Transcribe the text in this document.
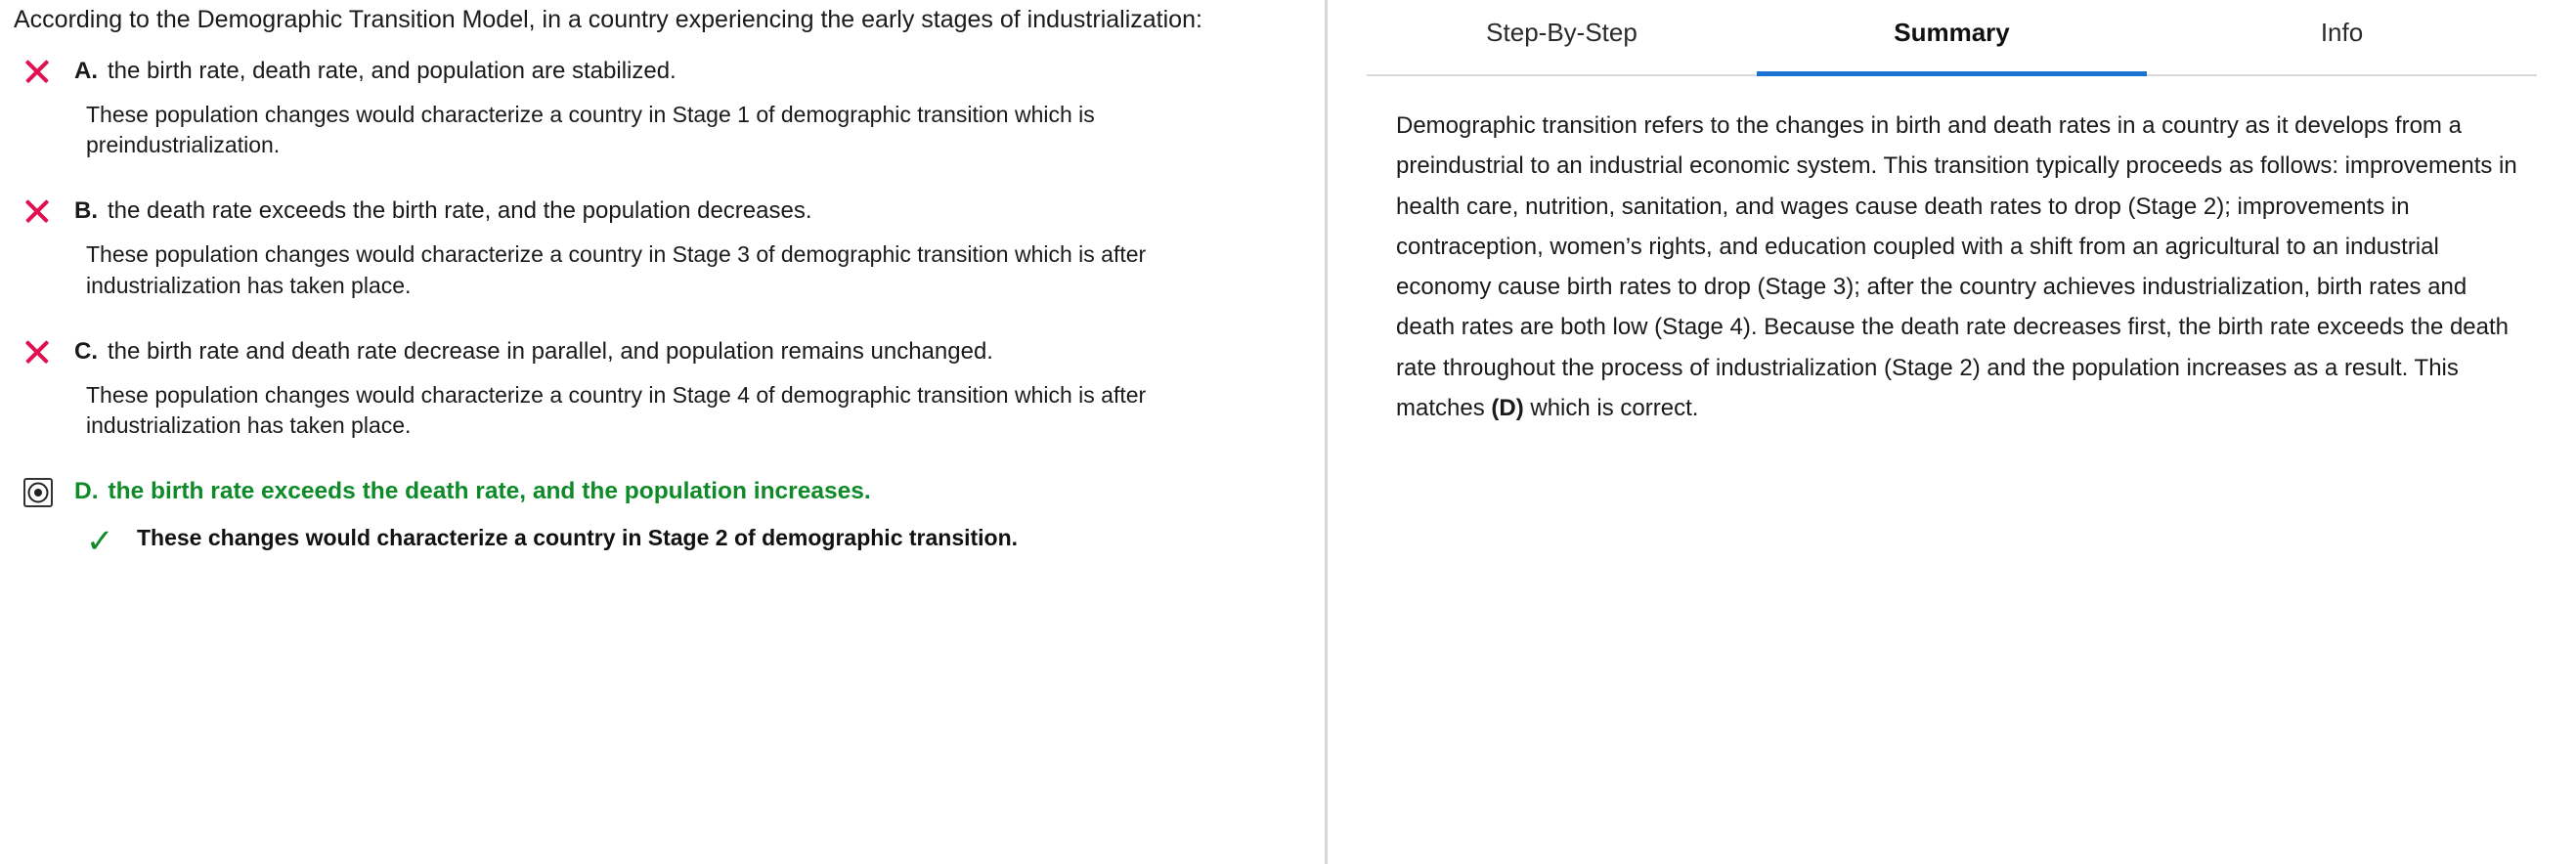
According to the Demographic Transition Model, in a country experiencing the early stages of industrialization:

A. the birth rate, death rate, and population are stabilized.
These population changes would characterize a country in Stage 1 of demographic transition which is preindustrialization.
B. the death rate exceeds the birth rate, and the population decreases.
These population changes would characterize a country in Stage 3 of demographic transition which is after industrialization has taken place.
C. the birth rate and death rate decrease in parallel, and population remains unchanged.
These population changes would characterize a country in Stage 4 of demographic transition which is after industrialization has taken place.
D. the birth rate exceeds the death rate, and the population increases.
✓	These changes would characterize a country in Stage 2 of demographic transition.
Step-By-Step	Summary	Info
Demographic transition refers to the changes in birth and death rates in a country as it develops from a preindustrial to an industrial economic system. This transition typically proceeds as follows: improvements in health care, nutrition, sanitation, and wages cause death rates to drop (Stage 2); improvements in contraception, women’s rights, and education coupled with a shift from an agricultural to an industrial economy cause birth rates to drop (Stage 3); after the country achieves industrialization, birth rates and death rates are both low (Stage 4). Because the death rate decreases first, the birth rate exceeds the death rate throughout the process of industrialization (Stage 2) and the population increases as a result. This matches (D) which is correct.
